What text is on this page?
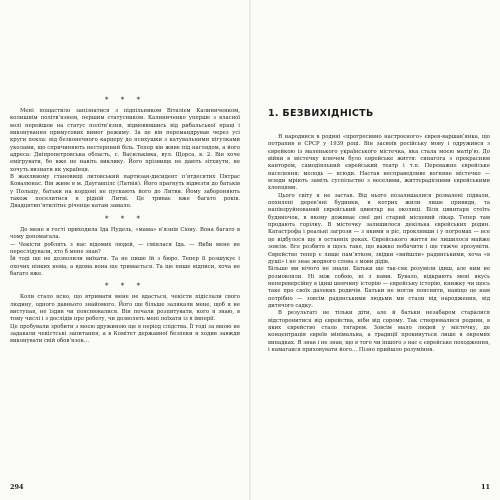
* * *

Мені пощастило запізнатися з підпільником Віталієм Калиниченком, колишнім політв’язнем, першим статусником. Калиниченко уперше з власної волі перейшов на статус політв’язня, відмовившись від рибальської праці і виконування примусових вимог режиму. За це він перемандрував через усі круги пекла: від безконечного карцеру до психушки з катувальними пігулками уколами, що спричиняють нестерпний біль. Тепер він живе під наглядом, а його адреса: Дніпропетровська область, с. Васильківка, вул. Щорса, в. 2. Він хоче емігрувати, бо вже не навіть виклику. Його прізвище не дають зітхнути, не хочуть визнати як українця.
В жахливому становищі литовський партизан-дисидент п’ятдесятих Пятрас Ковалюнас. Він живе в м. Даугавпілс (Латвія). Його прагнуть відвезти до батьків у Польщу, батьки на кордоні не пускають його до Литви. Йому забороняють також поселитися в рідній Литві. Це триває вже багато років. Двадцятип’ятилітнє річенце катам замало.

* * *

До мене в гості приходила Іда Нудель, «мама» в’язнів Сіону. Вона багато в чому допомагала.
— Чекісти роблять з нас відомих людей, — сміялася Іда. — Якби мене не переслідували, хто б мене знав?
Їй тоді ще не дозволили виїхати. Та не пише їй з бюро. Тепер її розшукує і охочих ніяких нема, а вдома вона ще тримається. Та ще пише відписи, хоча не багато вже.

* * *

Коли стало ясно, що втримати мене не вдасться, чекісти підіслали свого людину, одного давнього знайомого. Його ще більше залякали мене, щоб я не виступав, не їздив чи пояснювалися. Він почали розпитувати, кого я знаю, в тому числі і з дослідів про роботу, чи дозволять мені поїхати із в імперії.
Це пробували зробити з моєю дружиною ще в період слідства. Її тоді за мною не задавали чекістські запитання, а в Комітет державної безпеки я ходив завжди виконувати свій обов’язок…

294
1. БЕЗВИХІДНІСТЬ

Я народився в родині «прогресивно настроєного» єврея-варшав’янка, що потрапив в СРСР у 1939 році. Він засвоїв російську мову і одружився з єврейкою із маленького українського містечка, яка стала моєю матір’ю. До війни в містечку ключем було єврейське життя: синагога з прекрасним кантором, самодіяльний єврейський театр і т.п. Переважне єврейське населення: молодь — всюди. Настав несправедливе вогняне містечко — всюди мріють заміть суспільство з веселими, життєрадісними єврейськими хлопцями.

Цього світу я не застав. Від нього позалишалися розвалені підвали, похилені дерев’яні будинки, в котрих жили лише привиди, та напівзруйнований єврейський цвинтар на околиці. Біля цвинтаря стоїть будиночок, в якому доживає свої дні старий місцевий лікар. Тепер там продають горілку. В містечку залишилося декілька єврейських родин. Катастрофа і реальні загрози — з якими я ріс, проклявши і у погромах — все це відбулося ще в останніх роках. Єврейського життя не лишилося майже зовсім. Все розбито в щось таке, що важко побачити і ще тяжче зрозуміти. Єврейство тепер є лише пам’ятком, звідки «вийшли» радянськими, хоча «в душі» і не знає жодного слова з мови дідів.
Більше ми нічого не знали. Батьки ще так-сяк розуміли ідиш, але ним не розмовляли. Ні між собою, ні з нами. Бувало, відкриють мені якусь непереверсійну в ідиш шевчину історію — єврейську історію, книжку чи щось таке про своїх далеких родичів. Батьки не могли пояснити, навіщо це нам потрібно — зовсім радянськими людьми ми стали від народження, від дитячого садку.

В результаті не тільки діти, але й батьки незабаром старалися відсторонитися від єврейства, ніби від сорому. Так створювалися родини, в яких єврейство стало тягарем. Зовсім мало людей у містечку, де концентрація євреїв мінімальна, а традиції прокинуться лише в окремих випадках. Я знав і не знав, що в того чи іншого з нас є єврейське походження, і намагався приховувати його… Пізно прийшло розуміння.

11
